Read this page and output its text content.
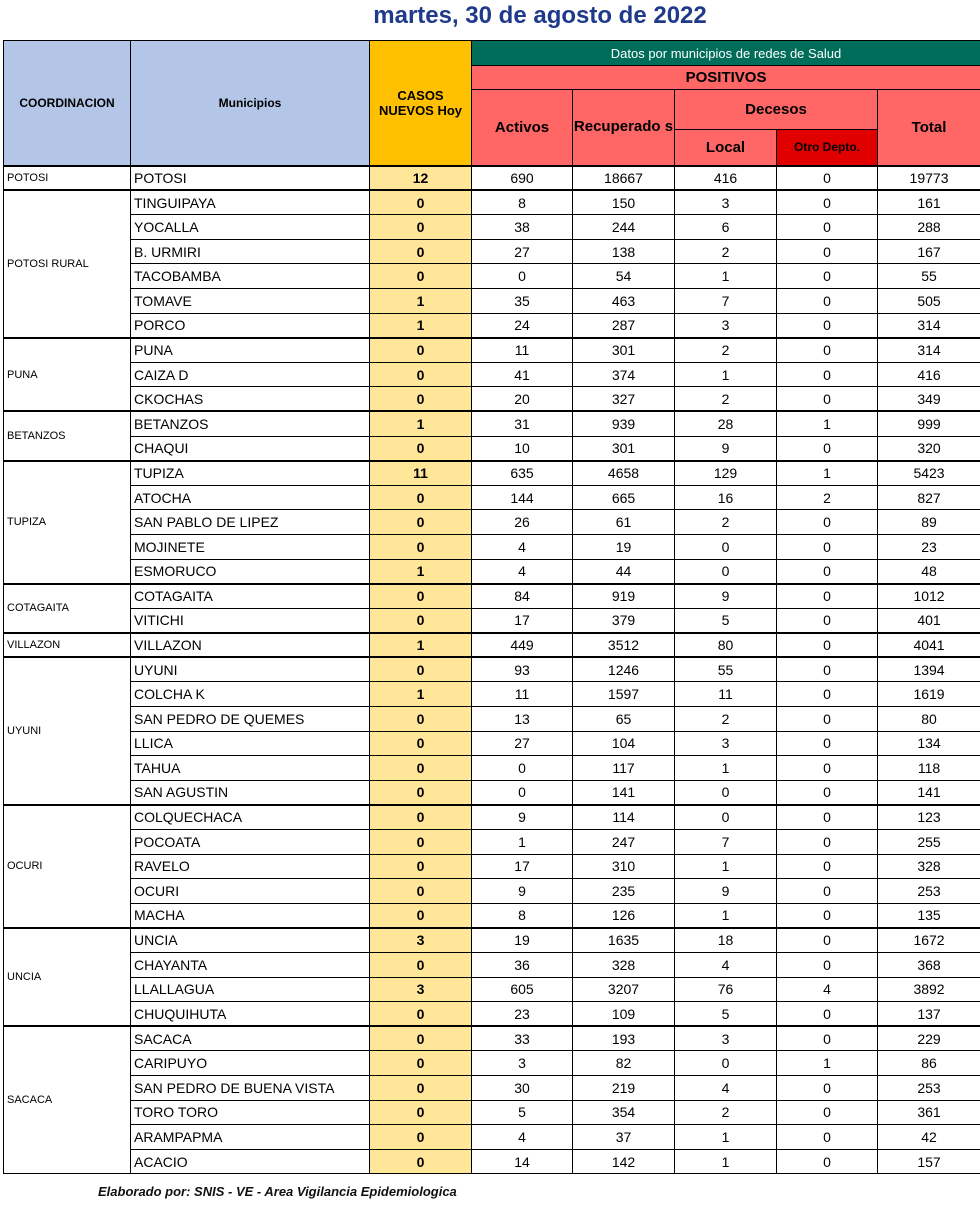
martes, 30 de agosto de 2022
COORDINACION	Municipios	CASOS NUEVOS Hoy	Datos por municipios de redes de Salud				
			POSITIVOS				
			Activos	Recuperado s	Decesos		Total
					Local	Otro Depto.	
POTOSI	POTOSI	12	690	18667	416	0	19773
POTOSI RURAL	TINGUIPAYA	0	8	150	3	0	161
	YOCALLA	0	38	244	6	0	288
	B. URMIRI	0	27	138	2	0	167
	TACOBAMBA	0	0	54	1	0	55
	TOMAVE	1	35	463	7	0	505
	PORCO	1	24	287	3	0	314
PUNA	PUNA	0	11	301	2	0	314
	CAIZA D	0	41	374	1	0	416
	CKOCHAS	0	20	327	2	0	349
BETANZOS	BETANZOS	1	31	939	28	1	999
	CHAQUI	0	10	301	9	0	320
TUPIZA	TUPIZA	11	635	4658	129	1	5423
	ATOCHA	0	144	665	16	2	827
	SAN PABLO DE LIPEZ	0	26	61	2	0	89
	MOJINETE	0	4	19	0	0	23
	ESMORUCO	1	4	44	0	0	48
COTAGAITA	COTAGAITA	0	84	919	9	0	1012
	VITICHI	0	17	379	5	0	401
VILLAZON	VILLAZON	1	449	3512	80	0	4041
UYUNI	UYUNI	0	93	1246	55	0	1394
	COLCHA K	1	11	1597	11	0	1619
	SAN PEDRO DE QUEMES	0	13	65	2	0	80
	LLICA	0	27	104	3	0	134
	TAHUA	0	0	117	1	0	118
	SAN AGUSTIN	0	0	141	0	0	141
OCURI	COLQUECHACA	0	9	114	0	0	123
	POCOATA	0	1	247	7	0	255
	RAVELO	0	17	310	1	0	328
	OCURI	0	9	235	9	0	253
	MACHA	0	8	126	1	0	135
UNCIA	UNCIA	3	19	1635	18	0	1672
	CHAYANTA	0	36	328	4	0	368
	LLALLAGUA	3	605	3207	76	4	3892
	CHUQUIHUTA	0	23	109	5	0	137
SACACA	SACACA	0	33	193	3	0	229
	CARIPUYO	0	3	82	0	1	86
	SAN PEDRO DE BUENA VISTA	0	30	219	4	0	253
	TORO TORO	0	5	354	2	0	361
	ARAMPAPMA	0	4	37	1	0	42
	ACACIO	0	14	142	1	0	157
Elaborado por: SNIS - VE - Area Vigilancia Epidemiologica
